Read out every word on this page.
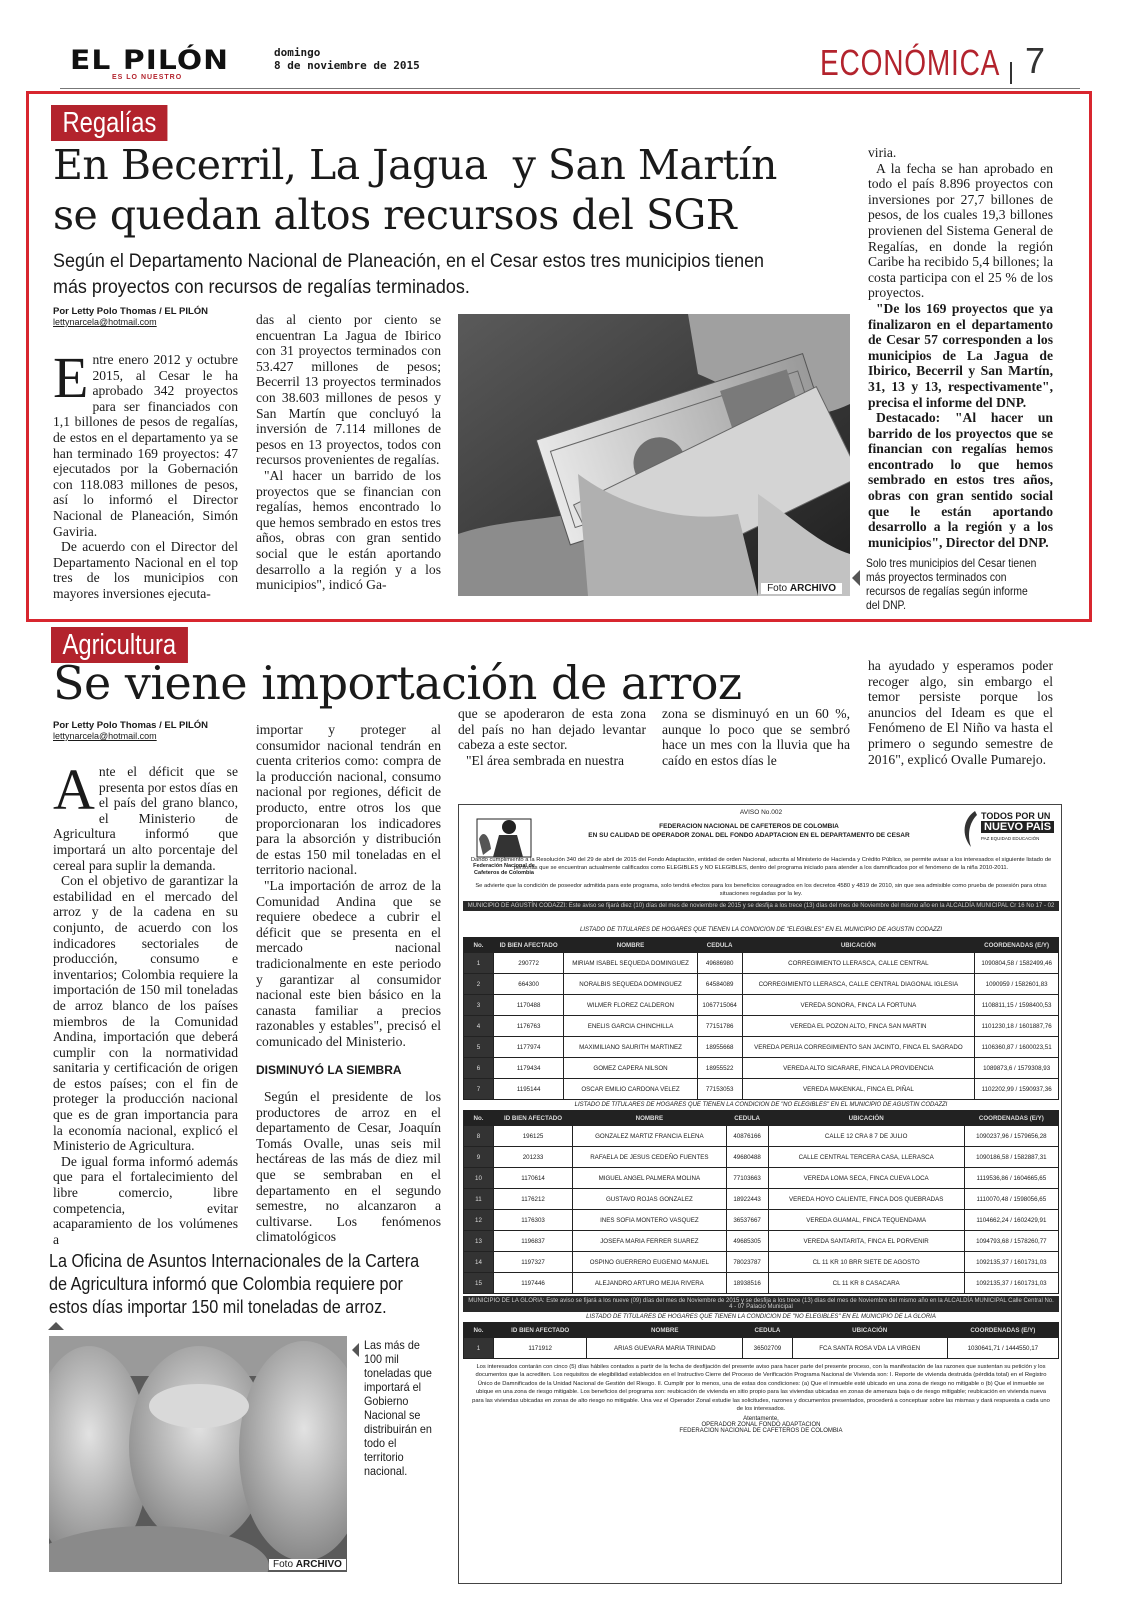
EL PILÓN
ES LO NUESTRO
domingo
8 de noviembre de 2015	ECONÓMICA 7
Regalías
En Becerril, La Jagua  y San Martín
se quedan altos recursos del SGR
Según el Departamento Nacional de Planeación, en el Cesar estos tres municipios tienen más proyectos con recursos de regalías terminados.
Por Letty Polo Thomas / EL PILÓN
lettynarcela@hotmail.com

Entre enero 2012 y octubre 2015, al Cesar le ha aprobado 342 proyectos para ser financiados con 1,1 billones de pesos de regalías, de estos en el departamento ya se han terminado 169 proyectos: 47 ejecutados por la Gobernación con 118.083 millones de pesos, así lo informó el Director Nacional de Planeación, Simón Gaviria.

De acuerdo con el Director del Departamento Nacional en el top tres de los municipios con mayores inversiones ejecuta-

das al ciento por ciento se encuentran La Jagua de Ibirico con 31 proyectos terminados con 53.427 millones de pesos; Becerril 13 proyectos terminados con 38.603 millones de pesos y San Martín que concluyó la inversión de 7.114 millones de pesos en 13 proyectos, todos con recursos provenientes de regalías.

"Al hacer un barrido de los proyectos que se financian con regalías, hemos encontrado lo que hemos sembrado en estos tres años, obras con gran sentido social que le están aportando desarrollo a la región y a los municipios", indicó Ga-	Foto ARCHIVO

viria.

A la fecha se han aprobado en todo el país 8.896 proyectos con inversiones por 27,7 billones de pesos, de los cuales 19,3 billones provienen del Sistema General de Regalías, en donde la región Caribe ha recibido 5,4 billones; la costa participa con el 25 % de los proyectos.

"De los 169 proyectos que ya finalizaron en el departamento de Cesar 57 corresponden a los municipios de La Jagua de Ibirico, Becerril y San Martín, 31, 13 y 13, respectivamente", precisa el informe del DNP.

Destacado: "Al hacer un barrido de los proyectos que se financian con regalías hemos encontrado lo que hemos sembrado en estos tres años, obras con gran sentido social que le están aportando desarrollo a la región y a los municipios", Director del DNP.

Solo tres municipios del Cesar tienen más proyectos terminados con recursos de regalías según informe del DNP.
Agricultura
Se viene importación de arroz
Por Letty Polo Thomas / EL PILÓN
lettynarcela@hotmail.com

Ante el déficit que se presenta por estos días en el país del grano blanco, el Ministerio de Agricultura informó que importará un alto porcentaje del cereal para suplir la demanda.

Con el objetivo de garantizar la estabilidad en el mercado del arroz y de la cadena en su conjunto, de acuerdo con los indicadores sectoriales de producción, consumo e inventarios; Colombia requiere la importación de 150 mil toneladas de arroz blanco de los países miembros de la Comunidad Andina, importación que deberá cumplir con la normatividad sanitaria y certificación de origen de estos países; con el fin de proteger la producción nacional que es de gran importancia para la economía nacional, explicó el Ministerio de Agricultura.

De igual forma informó además que para el fortalecimiento del libre comercio, libre competencia, evitar acaparamiento de los volúmenes a

importar y proteger al consumidor nacional tendrán en cuenta criterios como: compra de la producción nacional, consumo nacional por regiones, déficit de producto, entre otros los que proporcionaran los indicadores para la absorción y distribución de estas 150 mil toneladas en el territorio nacional.

"La importación de arroz de la Comunidad Andina que se requiere obedece a cubrir el déficit que se presenta en el mercado nacional tradicionalmente en este periodo y garantizar al consumidor nacional este bien básico en la canasta familiar a precios razonables y estables", precisó el comunicado del Ministerio.

DISMINUYÓ LA SIEMBRA

Según el presidente de los productores de arroz en el departamento de Cesar, Joaquín Tomás Ovalle, unas seis mil hectáreas de las más de diez mil que se sembraban en el departamento en el segundo semestre, no alcanzaron a cultivarse. Los fenómenos climatológicos

que se apoderaron de esta zona del país no han dejado levantar cabeza a este sector.

"El área sembrada en nuestra

zona se disminuyó en un 60 %, aunque lo poco que se sembró hace un mes con la lluvia que ha caído en estos días le

ha ayudado y esperamos poder recoger algo, sin embargo el temor persiste porque los anuncios del Ideam es que el Fenómeno de El Niño va hasta el primero o segundo semestre de 2016", explicó Ovalle Pumarejo.

La Oficina de Asuntos Internacionales de la Cartera de Agricultura informó que Colombia requiere por estos días importar 150 mil toneladas de arroz.
Foto ARCHIVO
Las más de 100 mil toneladas que importará el Gobierno Nacional se distribuirán en todo el territorio nacional.
Federación Nacional de Cafeteros de Colombia
AVISO No.002
FEDERACION NACIONAL DE CAFETEROS DE COLOMBIA
EN SU CALIDAD DE OPERADOR ZONAL DEL FONDO ADAPTACION EN EL DEPARTAMENTO DE CESAR
TODOS POR UN
NUEVO PAÍS
PAZ EQUIDAD EDUCACIÓN
Dando cumplimiento a la Resolución 340 del 29 de abril de 2015 del Fondo Adaptación, entidad de orden Nacional, adscrita al Ministerio de Hacienda y Crédito Público, se permite avisar a los interesados el siguiente listado de personas que se encuentran actualmente calificados como ELEGIBLES y NO ELEGIBLES, dentro del programa iniciado para atender a los damnificados por el fenómeno de la niña 2010-2011.
Se advierte que la condición de poseedor admitida para este programa, solo tendrá efectos para los beneficios consagrados en los decretos 4580 y 4819 de 2010, sin que sea admisible como prueba de posesión para otras situaciones reguladas por la ley.
MUNICIPIO DE AGUSTÍN CODAZZI: Este aviso se fijará diez (10) días del mes de noviembre de 2015 y se desfija a los trece (13) días del mes de Noviembre del mismo año en la ALCALDÍA MUNICIPAL Cr 16 No 17 - 02
LISTADO DE TITULARES DE HOGARES QUE TIENEN LA CONDICION DE "ELEGIBLES" EN EL MUNICIPIO DE AGUSTIN CODAZZI
No.	ID BIEN AFECTADO	NOMBRE	CEDULA	UBICACIÓN	COORDENADAS (E/Y)
1	290772	MIRIAM ISABEL SEQUEDA DOMINGUEZ	49686980	CORREGIMIENTO LLERASCA, CALLE CENTRAL	1090804,58 / 1582499,46
2	664300	NORALBIS SEQUEDA DOMINGUEZ	64584089	CORREGIMIENTO LLERASCA, CALLE CENTRAL DIAGONAL IGLESIA	1090959 / 1582601,83
3	1170488	WILMER FLOREZ CALDERON	1067715064	VEREDA SONORA, FINCA LA FORTUNA	1108811,15 / 1598400,53
4	1176763	ENELIS GARCIA CHINCHILLA	77151786	VEREDA EL POZON ALTO, FINCA SAN MARTIN	1101230,18 / 1601887,76
5	1177974	MAXIMILIANO SAURITH MARTINEZ	18955668	VEREDA PERIJA CORREGIMIENTO SAN JACINTO, FINCA EL SAGRADO	1106360,87 / 1600023,51
6	1179434	GOMEZ CAPERA NILSON	18955522	VEREDA ALTO SICARARE, FINCA LA PROVIDENCIA	1089873,6 / 1579308,93
7	1195144	OSCAR EMILIO CARDONA VELEZ	77153053	VEREDA MAKENKAL, FINCA EL PIÑAL	1102202,99 / 1590937,36
LISTADO DE TITULARES DE HOGARES QUE TIENEN LA CONDICION DE "NO ELEGIBLES" EN EL MUNICIPIO DE AGUSTIN CODAZZI
No.	ID BIEN AFECTADO	NOMBRE	CEDULA	UBICACIÓN	COORDENADAS (E/Y)
8	196125	GONZALEZ MARTIZ FRANCIA ELENA	40876166	CALLE 12 CRA 8 7 DE JULIO	1090237,96 / 1579656,28
9	201233	RAFAELA DE JESUS CEDEÑO FUENTES	49680488	CALLE CENTRAL TERCERA CASA, LLERASCA	1090186,58 / 1582887,31
10	1170614	MIGUEL ANGEL PALMERA MOLINA	77103663	VEREDA LOMA SECA, FINCA CUEVA LOCA	1119536,86 / 1604665,65
11	1176212	GUSTAVO ROJAS GONZALEZ	18922443	VEREDA HOYO CALIENTE, FINCA DOS QUEBRADAS	1110070,48 / 1598056,65
12	1176303	INES SOFIA MONTERO VASQUEZ	36537667	VEREDA GUAMAL, FINCA TEQUENDAMA	1104662,24 / 1602429,91
13	1196837	JOSEFA MARIA FERRER SUAREZ	49685305	VEREDA SANTARITA, FINCA EL PORVENIR	1094793,68 / 1578260,77
14	1197327	OSPINO GUERRERO EUGENIO MANUEL	78023787	CL 11 KR 10 BRR SIETE DE AGOSTO	1092135,37 / 1601731,03
15	1197446	ALEJANDRO ARTURO MEJIA RIVERA	18938516	CL 11 KR 8 CASACARA	1092135,37 / 1601731,03
MUNICIPIO DE LA GLORIA: Este aviso se fijará a los nueve (09) días del mes de Noviembre de 2015 y se desfija a los trece (13) días del mes de Noviembre del mismo año en la ALCALDÍA MUNICIPAL Calle Central No. 4 - 07 Palacio Municipal
LISTADO DE TITULARES DE HOGARES QUE TIENEN LA CONDICION DE "NO ELEGIBLES" EN EL MUNICIPIO DE LA GLORIA
No.	ID BIEN AFECTADO	NOMBRE	CEDULA	UBICACIÓN	COORDENADAS (E/Y)
1	1171912	ARIAS GUEVARA MARIA TRINIDAD	36502709	FCA SANTA ROSA VDA LA VIRGEN	1030641,71 / 1444550,17
Los interesados contarán con cinco (5) días hábiles contados a partir de la fecha de desfijación del presente aviso para hacer parte del presente proceso, con la manifestación de las razones que sustentan su petición y los documentos que la acrediten. Los requisitos de elegibilidad establecidos en el Instructivo Cierre del Proceso de Verificación Programa Nacional de Vivienda son: I. Reporte de vivienda destruida (pérdida total) en el Registro Único de Damnificados de la Unidad Nacional de Gestión del Riesgo. II. Cumplir por lo menos, una de estas dos condiciones: (a) Que el inmueble esté ubicado en una zona de riesgo no mitigable o (b) Que el inmueble se ubique en una zona de riesgo mitigable. Los beneficios del programa son: reubicación de vivienda en sitio propio para las viviendas ubicadas en zonas de amenaza baja o de riesgo mitigable; reubicación en vivienda nueva para las viviendas ubicadas en zonas de alto riesgo no mitigable. Una vez el Operador Zonal estudie las solicitudes, razones y documentos presentados, procederá a conceptuar sobre las mismas y dará respuesta a cada uno de los interesados.
Atentamente,
OPERADOR ZONAL FONDO ADAPTACION
FEDERACION NACIONAL DE CAFETEROS DE COLOMBIA
